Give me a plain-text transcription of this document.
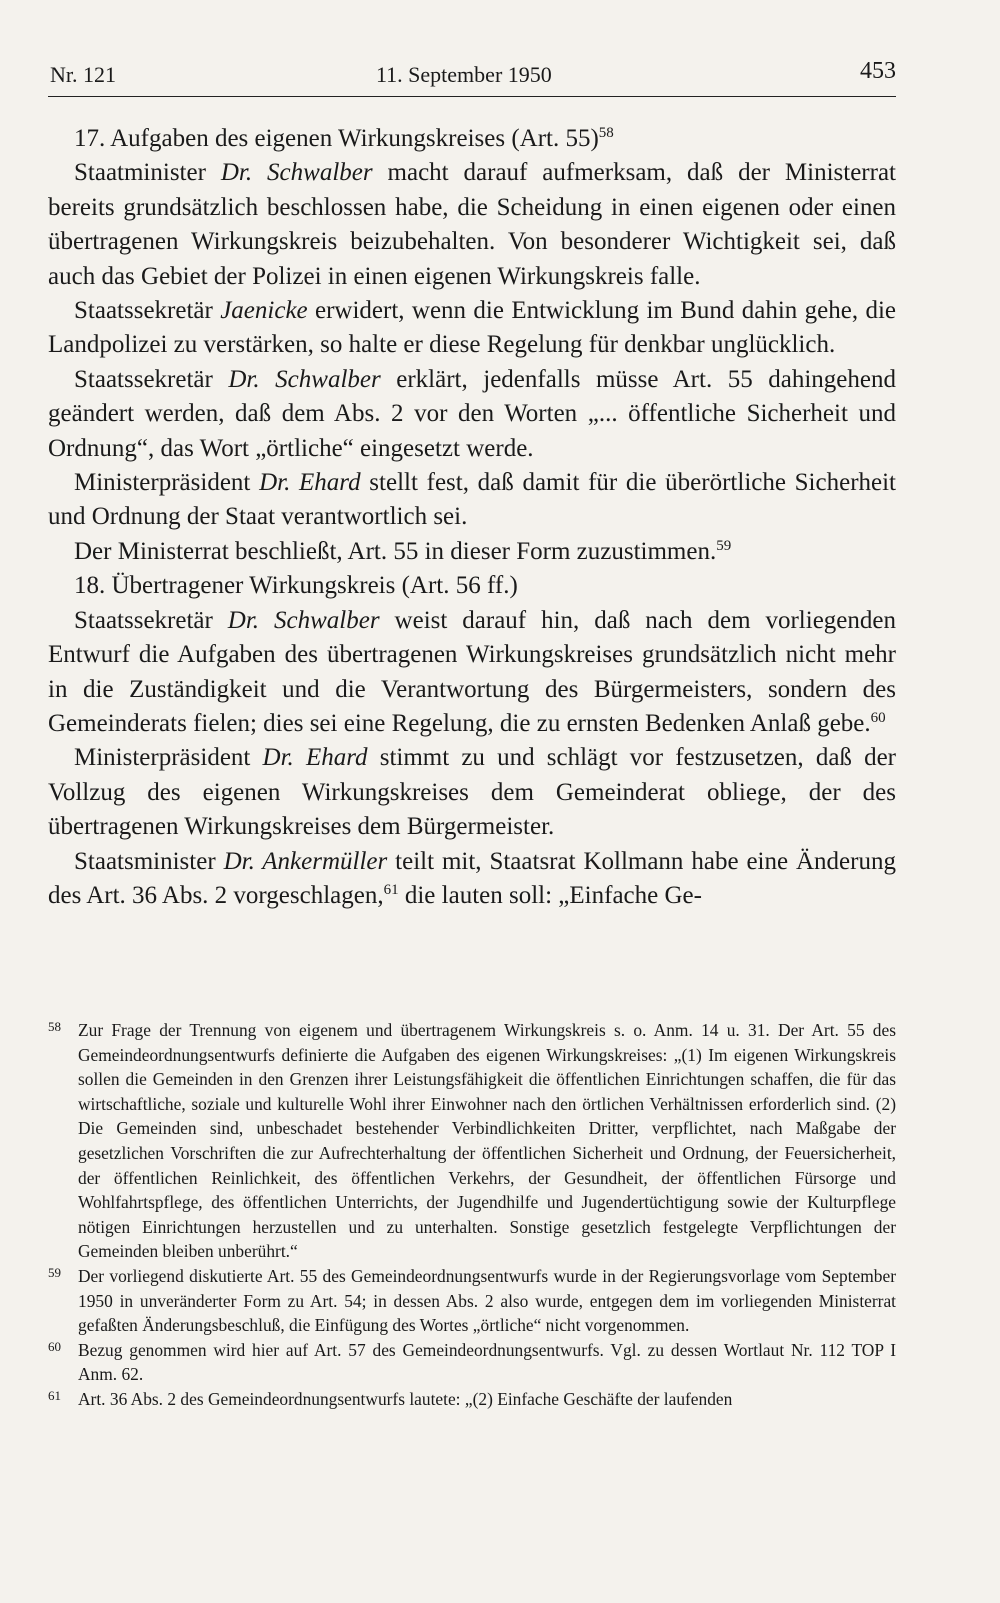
Nr. 121	11. September 1950	453

17. Aufgaben des eigenen Wirkungskreises (Art. 55)$^{58}$

Staatminister Dr. Schwalber macht darauf aufmerksam, daß der Ministerrat bereits grundsätzlich beschlossen habe, die Scheidung in einen eigenen oder einen übertragenen Wirkungskreis beizubehalten. Von besonderer Wichtigkeit sei, daß auch das Gebiet der Polizei in einen eigenen Wirkungskreis falle.

Staatssekretär Jaenicke erwidert, wenn die Entwicklung im Bund dahin gehe, die Landpolizei zu verstärken, so halte er diese Regelung für denkbar unglücklich.

Staatssekretär Dr. Schwalber erklärt, jedenfalls müsse Art. 55 dahingehend geändert werden, daß dem Abs. 2 vor den Worten „... öffentliche Sicherheit und Ordnung“, das Wort „örtliche“ eingesetzt werde.

Ministerpräsident Dr. Ehard stellt fest, daß damit für die überörtliche Sicherheit und Ordnung der Staat verantwortlich sei.

Der Ministerrat beschließt, Art. 55 in dieser Form zuzustimmen.$^{59}$

18. Übertragener Wirkungskreis (Art. 56 ff.)

Staatssekretär Dr. Schwalber weist darauf hin, daß nach dem vorliegenden Entwurf die Aufgaben des übertragenen Wirkungskreises grundsätzlich nicht mehr in die Zuständigkeit und die Verantwortung des Bürgermeisters, sondern des Gemeinderats fielen; dies sei eine Regelung, die zu ernsten Bedenken Anlaß gebe.$^{60}$

Ministerpräsident Dr. Ehard stimmt zu und schlägt vor festzusetzen, daß der Vollzug des eigenen Wirkungskreises dem Gemeinderat obliege, der des übertragenen Wirkungskreises dem Bürgermeister.

Staatsminister Dr. Ankermüller teilt mit, Staatsrat Kollmann habe eine Änderung des Art. 36 Abs. 2 vorgeschlagen,$^{61}$ die lauten soll: „Einfache Ge-

58 Zur Frage der Trennung von eigenem und übertragenem Wirkungskreis s. o. Anm. 14 u. 31. Der Art. 55 des Gemeindeordnungsentwurfs definierte die Aufgaben des eigenen Wirkungskreises: „(1) Im eigenen Wirkungskreis sollen die Gemeinden in den Grenzen ihrer Leistungsfähigkeit die öffentlichen Einrichtungen schaffen, die für das wirtschaftliche, soziale und kulturelle Wohl ihrer Einwohner nach den örtlichen Verhältnissen erforderlich sind. (2) Die Gemeinden sind, unbeschadet bestehender Verbindlichkeiten Dritter, verpflichtet, nach Maßgabe der gesetzlichen Vorschriften die zur Aufrechterhaltung der öffentlichen Sicherheit und Ordnung, der Feuersicherheit, der öffentlichen Reinlichkeit, des öffentlichen Verkehrs, der Gesundheit, der öffentlichen Fürsorge und Wohlfahrtspflege, des öffentlichen Unterrichts, der Jugendhilfe und Jugendertüchtigung sowie der Kulturpflege nötigen Einrichtungen herzustellen und zu unterhalten. Sonstige gesetzlich festgelegte Verpflichtungen der Gemeinden bleiben unberührt.“

59 Der vorliegend diskutierte Art. 55 des Gemeindeordnungsentwurfs wurde in der Regierungsvorlage vom September 1950 in unveränderter Form zu Art. 54; in dessen Abs. 2 also wurde, entgegen dem im vorliegenden Ministerrat gefaßten Änderungsbeschluß, die Einfügung des Wortes „örtliche“ nicht vorgenommen.

60 Bezug genommen wird hier auf Art. 57 des Gemeindeordnungsentwurfs. Vgl. zu dessen Wortlaut Nr. 112 TOP I Anm. 62.

61 Art. 36 Abs. 2 des Gemeindeordnungsentwurfs lautete: „(2) Einfache Geschäfte der laufenden
